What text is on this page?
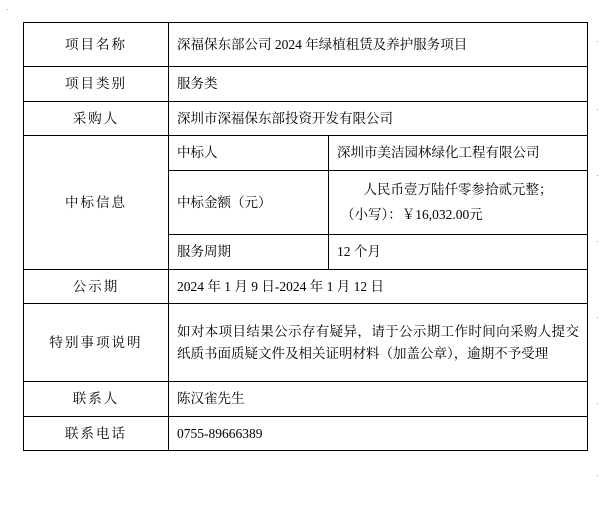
·
·
·
·
·
·
·
·
项目名称	深福保东部公司 2024 年绿植租赁及养护服务项目	
项目类别	服务类	
采购人	深圳市深福保东部投资开发有限公司	
中标信息	中标人	深圳市美洁园林绿化工程有限公司
	中标金额（元）	人民币壹万陆仟零参拾贰元整；
（小写）：￥16,032.00元

	服务周期	12 个月
公示期	2024 年 1 月 9 日-2024 年 1 月 12 日	
特别事项说明	如对本项目结果公示存有疑异，请于公示期工作时间向采购人提交纸质书面质疑文件及相关证明材料（加盖公章），逾期不予受理	
联系人	陈汉雀先生	
联系电话	0755-89666389	
